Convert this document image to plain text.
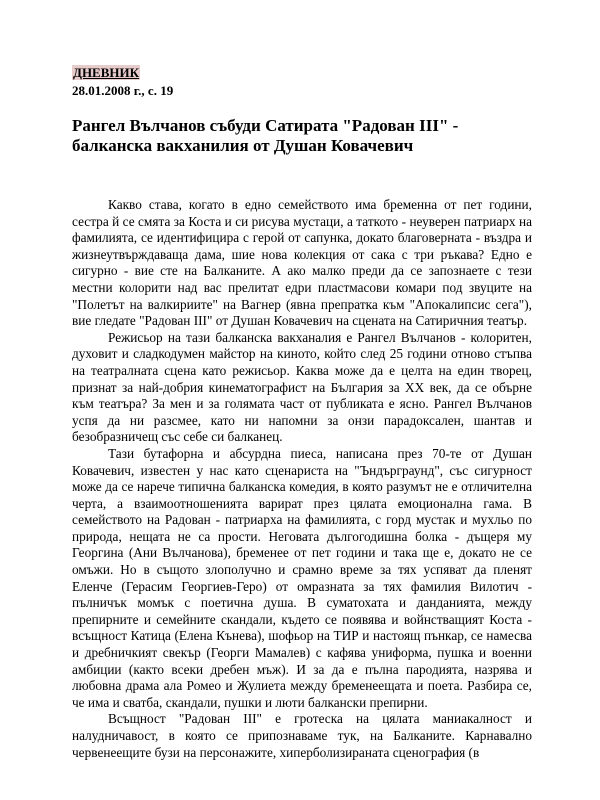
ДНЕВНИК
28.01.2008 г., с. 19
Рангел Вълчанов събуди Сатирата "Радован III" - балканска вакханилия от Душан Ковачевич

Какво става, когато в едно семейството има бременна от пет години, сестра й се смята за Коста и си рисува мустаци, а таткото - неуверен патриарх на фамилията, се идентифицира с герой от сапунка, докато благоверната - въздра и жизнеутвърждаваща дама, шие нова колекция от сака с три ръкава? Едно е сигурно - вие сте на Балканите. А ако малко преди да се запознаете с тези местни колорити над вас прелитат едри пластмасови комари под звуците на "Полетът на валкириите" на Вагнер (явна препратка към "Апокалипсис сега"), вие гледате "Радован III" от Душан Ковачевич на сцената на Сатиричния театър.

Режисьор на тази балканска вакханалия е Рангел Вълчанов - колоритен, духовит и сладкодумен майстор на киното, който след 25 години отново стъпва на театралната сцена като режисьор. Каква може да е целта на един творец, признат за най-добрия кинематографист на България за XX век, да се обърне към театъра? За мен и за голямата част от публиката е ясно. Рангел Вълчанов успя да ни разсмее, като ни напомни за онзи парадоксален, шантав и безобразничещ със себе си балканец.

Тази бутафорна и абсурдна пиеса, написана през 70-те от Душан Ковачевич, известен у нас като сценариста на "Ъндърграунд", със сигурност може да се нарече типична балканска комедия, в която разумът не е отличителна черта, а взаимоотношенията варират през цялата емоционална гама. В семейството на Радован - патриарха на фамилията, с горд мустак и мухльо по природа, нещата не са прости. Неговата дългогодишна болка - дъщеря му Георгина (Ани Вълчанова), бременее от пет години и така ще е, докато не се омъжи. Но в същото злополучно и срамно време за тях успяват да пленят Еленче (Герасим Георгиев-Геро) от омразната за тях фамилия Вилотич - пълничък момък с поетична душа. В суматохата и данданията, между препирните и семейните скандали, където се появява и войнстващият Коста - всъщност Катица (Елена Кънева), шофьор на ТИР и настоящ пънкар, се намесва и дребничкият свекър (Георги Мамалев) с кафява униформа, пушка и военни амбиции (както всеки дребен мъж). И за да е пълна пародията, назрява и любовна драма ала Ромео и Жулиета между бременеещата и поета. Разбира се, че има и сватба, скандали, пушки и люти балкански препирни.

Всъщност "Радован III" е гротеска на цялата маниакалност и налудничавост, в която се припознаваме тук, на Балканите. Карнавално червенеещите бузи на персонажите, хиперболизираната сценография (в
